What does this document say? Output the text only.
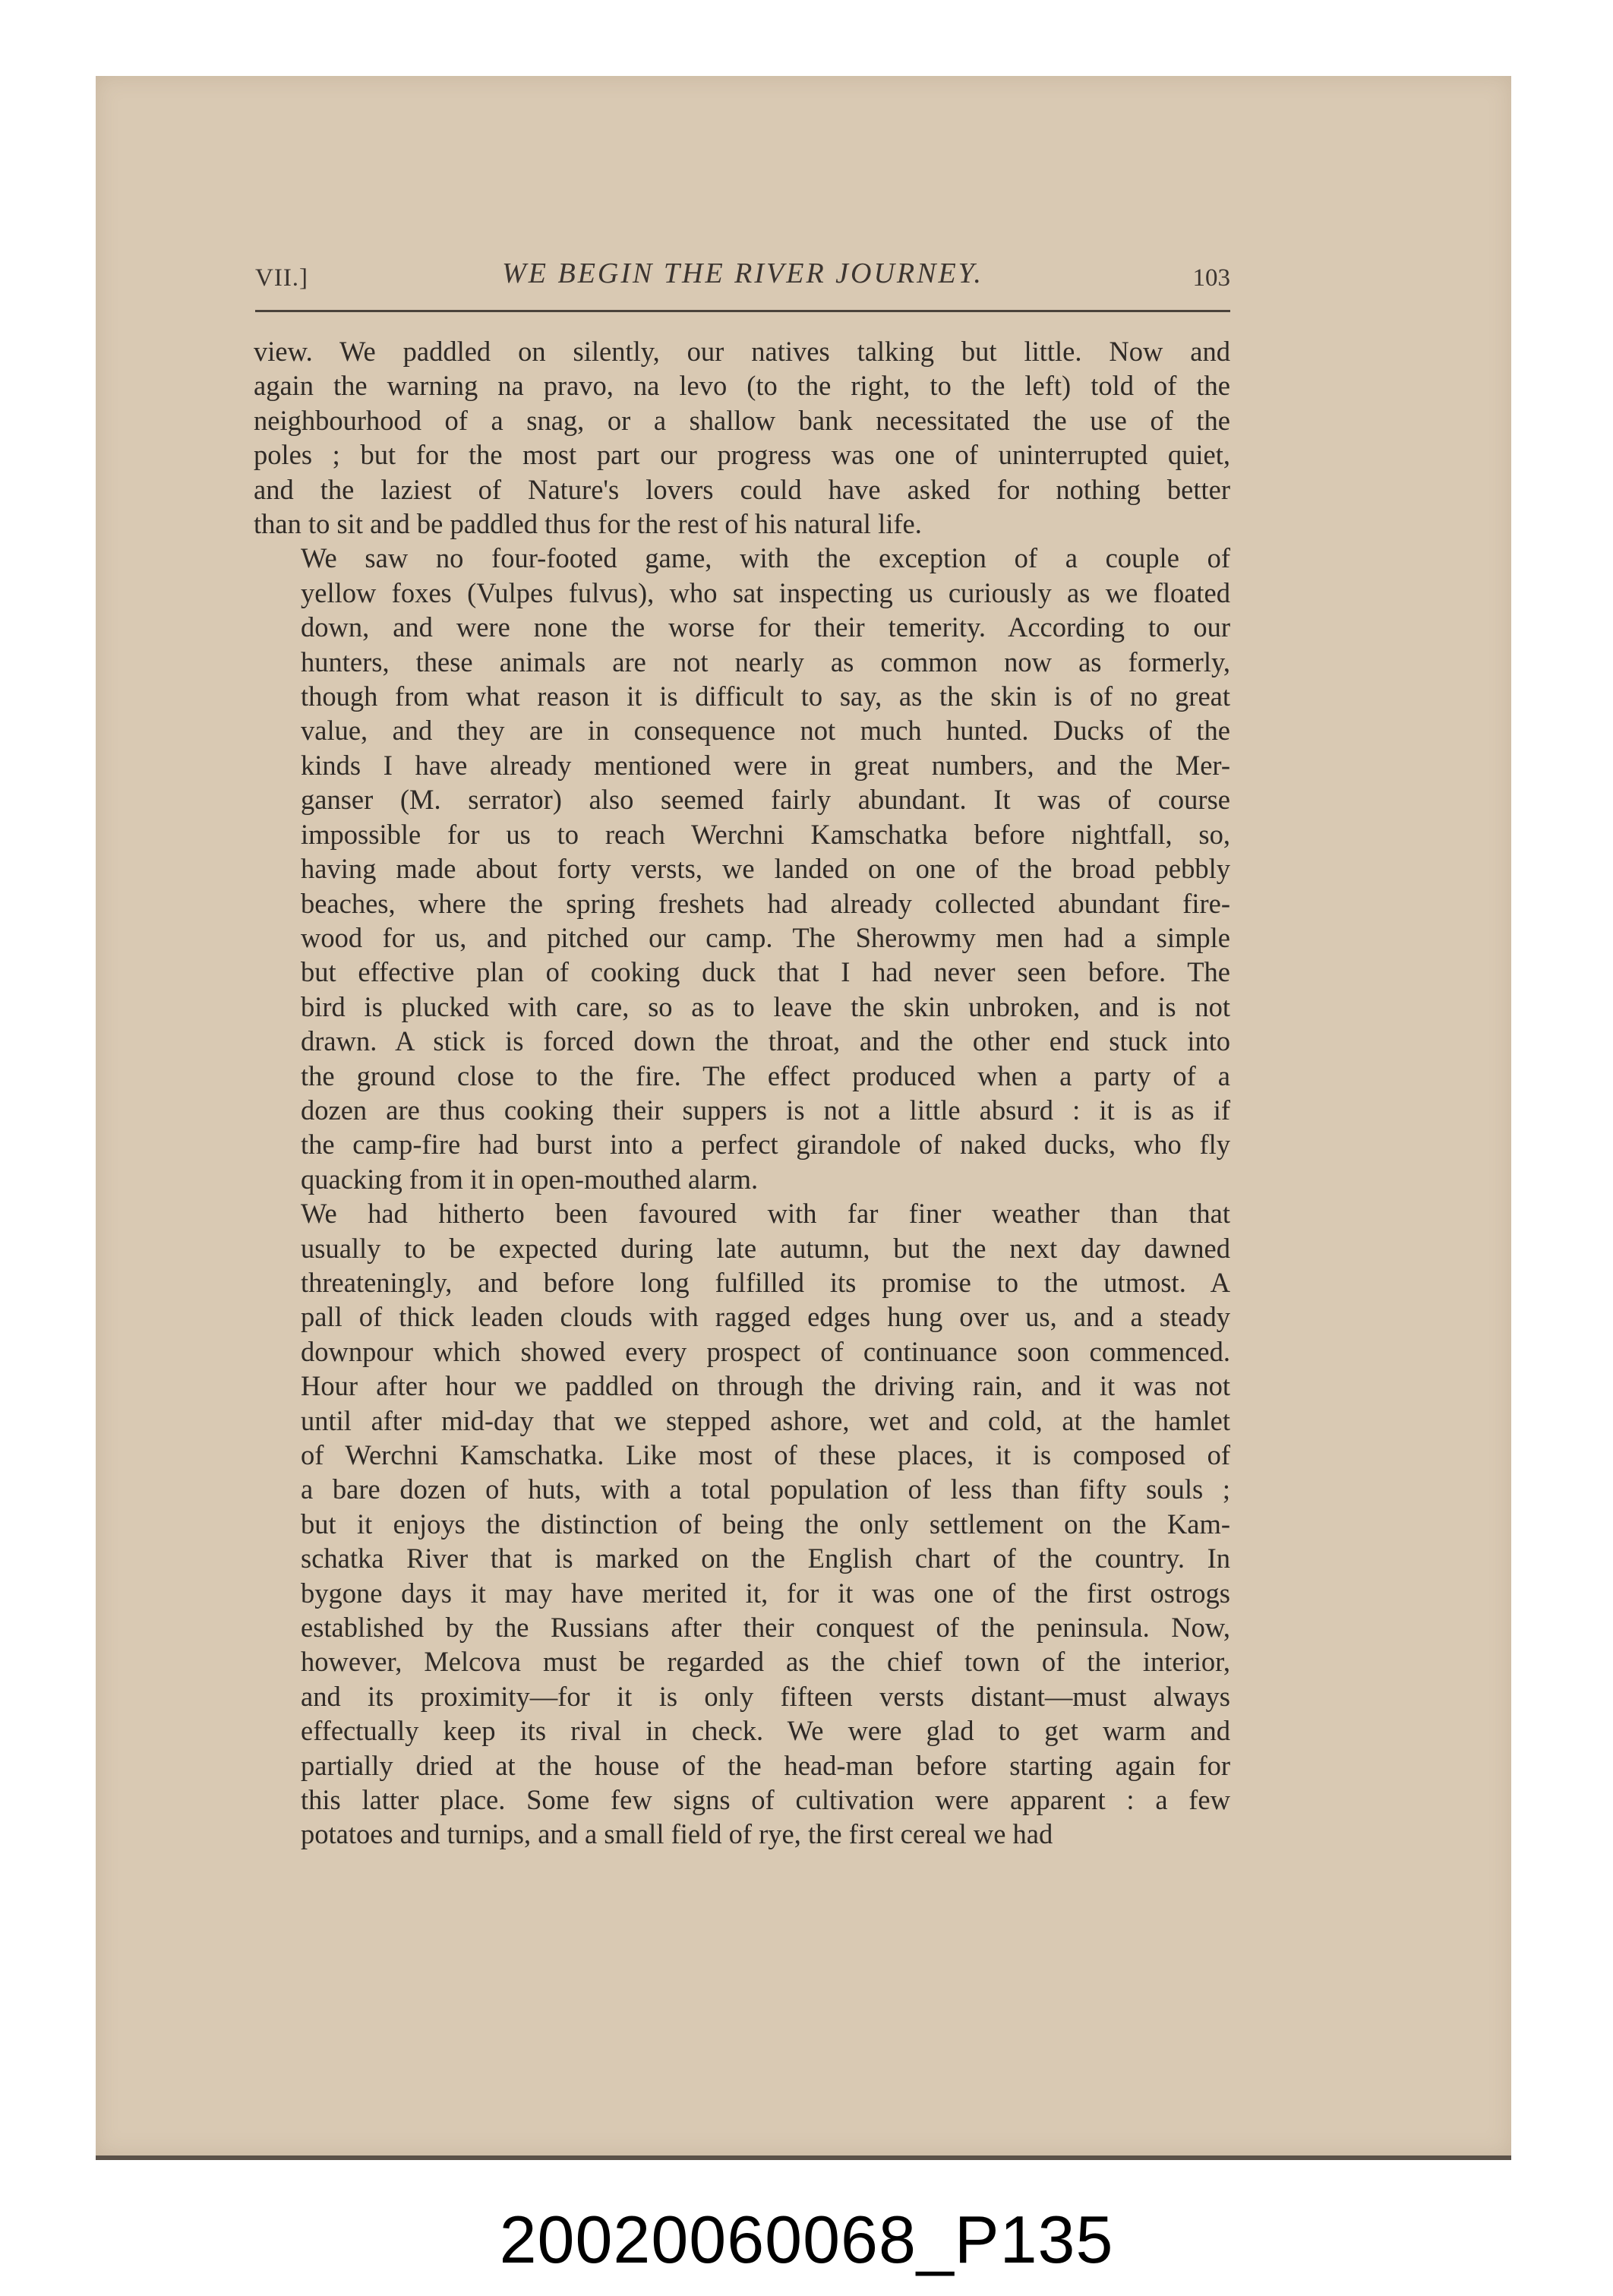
VII.]	WE BEGIN THE RIVER JOURNEY.	103

view. We paddled on silently, our natives talking but little. Now and
again the warning na pravo, na levo (to the right, to the left) told of the
neighbourhood of a snag, or a shallow bank necessitated the use of the
poles ; but for the most part our progress was one of uninterrupted quiet,
and the laziest of Nature's lovers could have asked for nothing better
than to sit and be paddled thus for the rest of his natural life.

We saw no four-footed game, with the exception of a couple of
yellow foxes (Vulpes fulvus), who sat inspecting us curiously as we floated
down, and were none the worse for their temerity. According to our
hunters, these animals are not nearly as common now as formerly,
though from what reason it is difficult to say, as the skin is of no great
value, and they are in consequence not much hunted. Ducks of the
kinds I have already mentioned were in great numbers, and the Mer-
ganser (M. serrator) also seemed fairly abundant. It was of course
impossible for us to reach Werchni Kamschatka before nightfall, so,
having made about forty versts, we landed on one of the broad pebbly
beaches, where the spring freshets had already collected abundant fire-
wood for us, and pitched our camp. The Sherowmy men had a simple
but effective plan of cooking duck that I had never seen before. The
bird is plucked with care, so as to leave the skin unbroken, and is not
drawn. A stick is forced down the throat, and the other end stuck into
the ground close to the fire. The effect produced when a party of a
dozen are thus cooking their suppers is not a little absurd : it is as if
the camp-fire had burst into a perfect girandole of naked ducks, who fly
quacking from it in open-mouthed alarm.

We had hitherto been favoured with far finer weather than that
usually to be expected during late autumn, but the next day dawned
threateningly, and before long fulfilled its promise to the utmost. A
pall of thick leaden clouds with ragged edges hung over us, and a steady
downpour which showed every prospect of continuance soon commenced.
Hour after hour we paddled on through the driving rain, and it was not
until after mid-day that we stepped ashore, wet and cold, at the hamlet
of Werchni Kamschatka. Like most of these places, it is composed of
a bare dozen of huts, with a total population of less than fifty souls ;
but it enjoys the distinction of being the only settlement on the Kam-
schatka River that is marked on the English chart of the country. In
bygone days it may have merited it, for it was one of the first ostrogs
established by the Russians after their conquest of the peninsula. Now,
however, Melcova must be regarded as the chief town of the interior,
and its proximity—for it is only fifteen versts distant—must always
effectually keep its rival in check. We were glad to get warm and
partially dried at the house of the head-man before starting again for
this latter place. Some few signs of cultivation were apparent : a few
potatoes and turnips, and a small field of rye, the first cereal we had

20020060068_P135
